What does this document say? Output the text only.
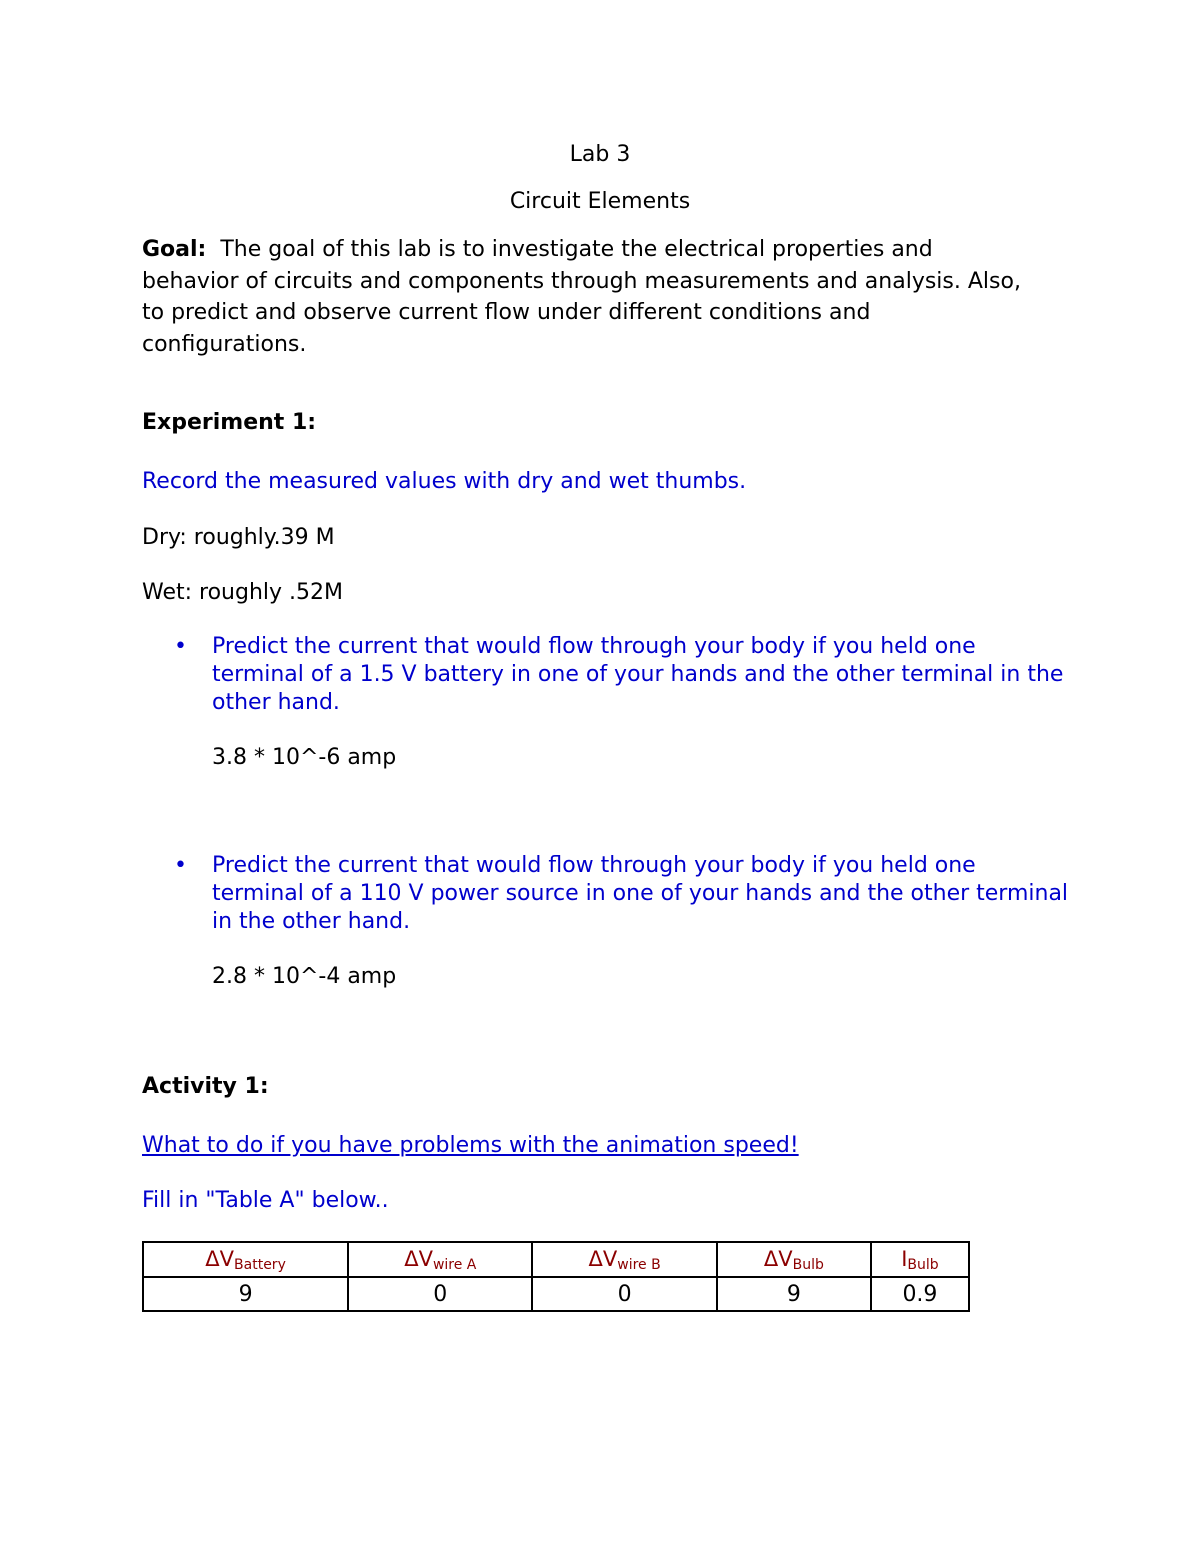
Lab 3

Circuit Elements

Goal:  The goal of this lab is to investigate the electrical properties and behavior of circuits and components through measurements and analysis. Also, to predict and observe current flow under different conditions and configurations.

Experiment 1:

Record the measured values with dry and wet thumbs.

Dry: roughly.39 M

Wet: roughly .52M

• Predict the current that would flow through your body if you held one terminal of a 1.5 V battery in one of your hands and the other terminal in the other hand.

3.8 * 10^-6 amp

• Predict the current that would flow through your body if you held one terminal of a 110 V power source in one of your hands and the other terminal in the other hand.

2.8 * 10^-4 amp

Activity 1:

What to do if you have problems with the animation speed!

Fill in "Table A" below..

$\Delta V_{Battery}$	$\Delta V_{wire A}$	$\Delta V_{wire B}$	$\Delta V_{Bulb}$	$I_{Bulb}$
9	0	0	9	0.9
